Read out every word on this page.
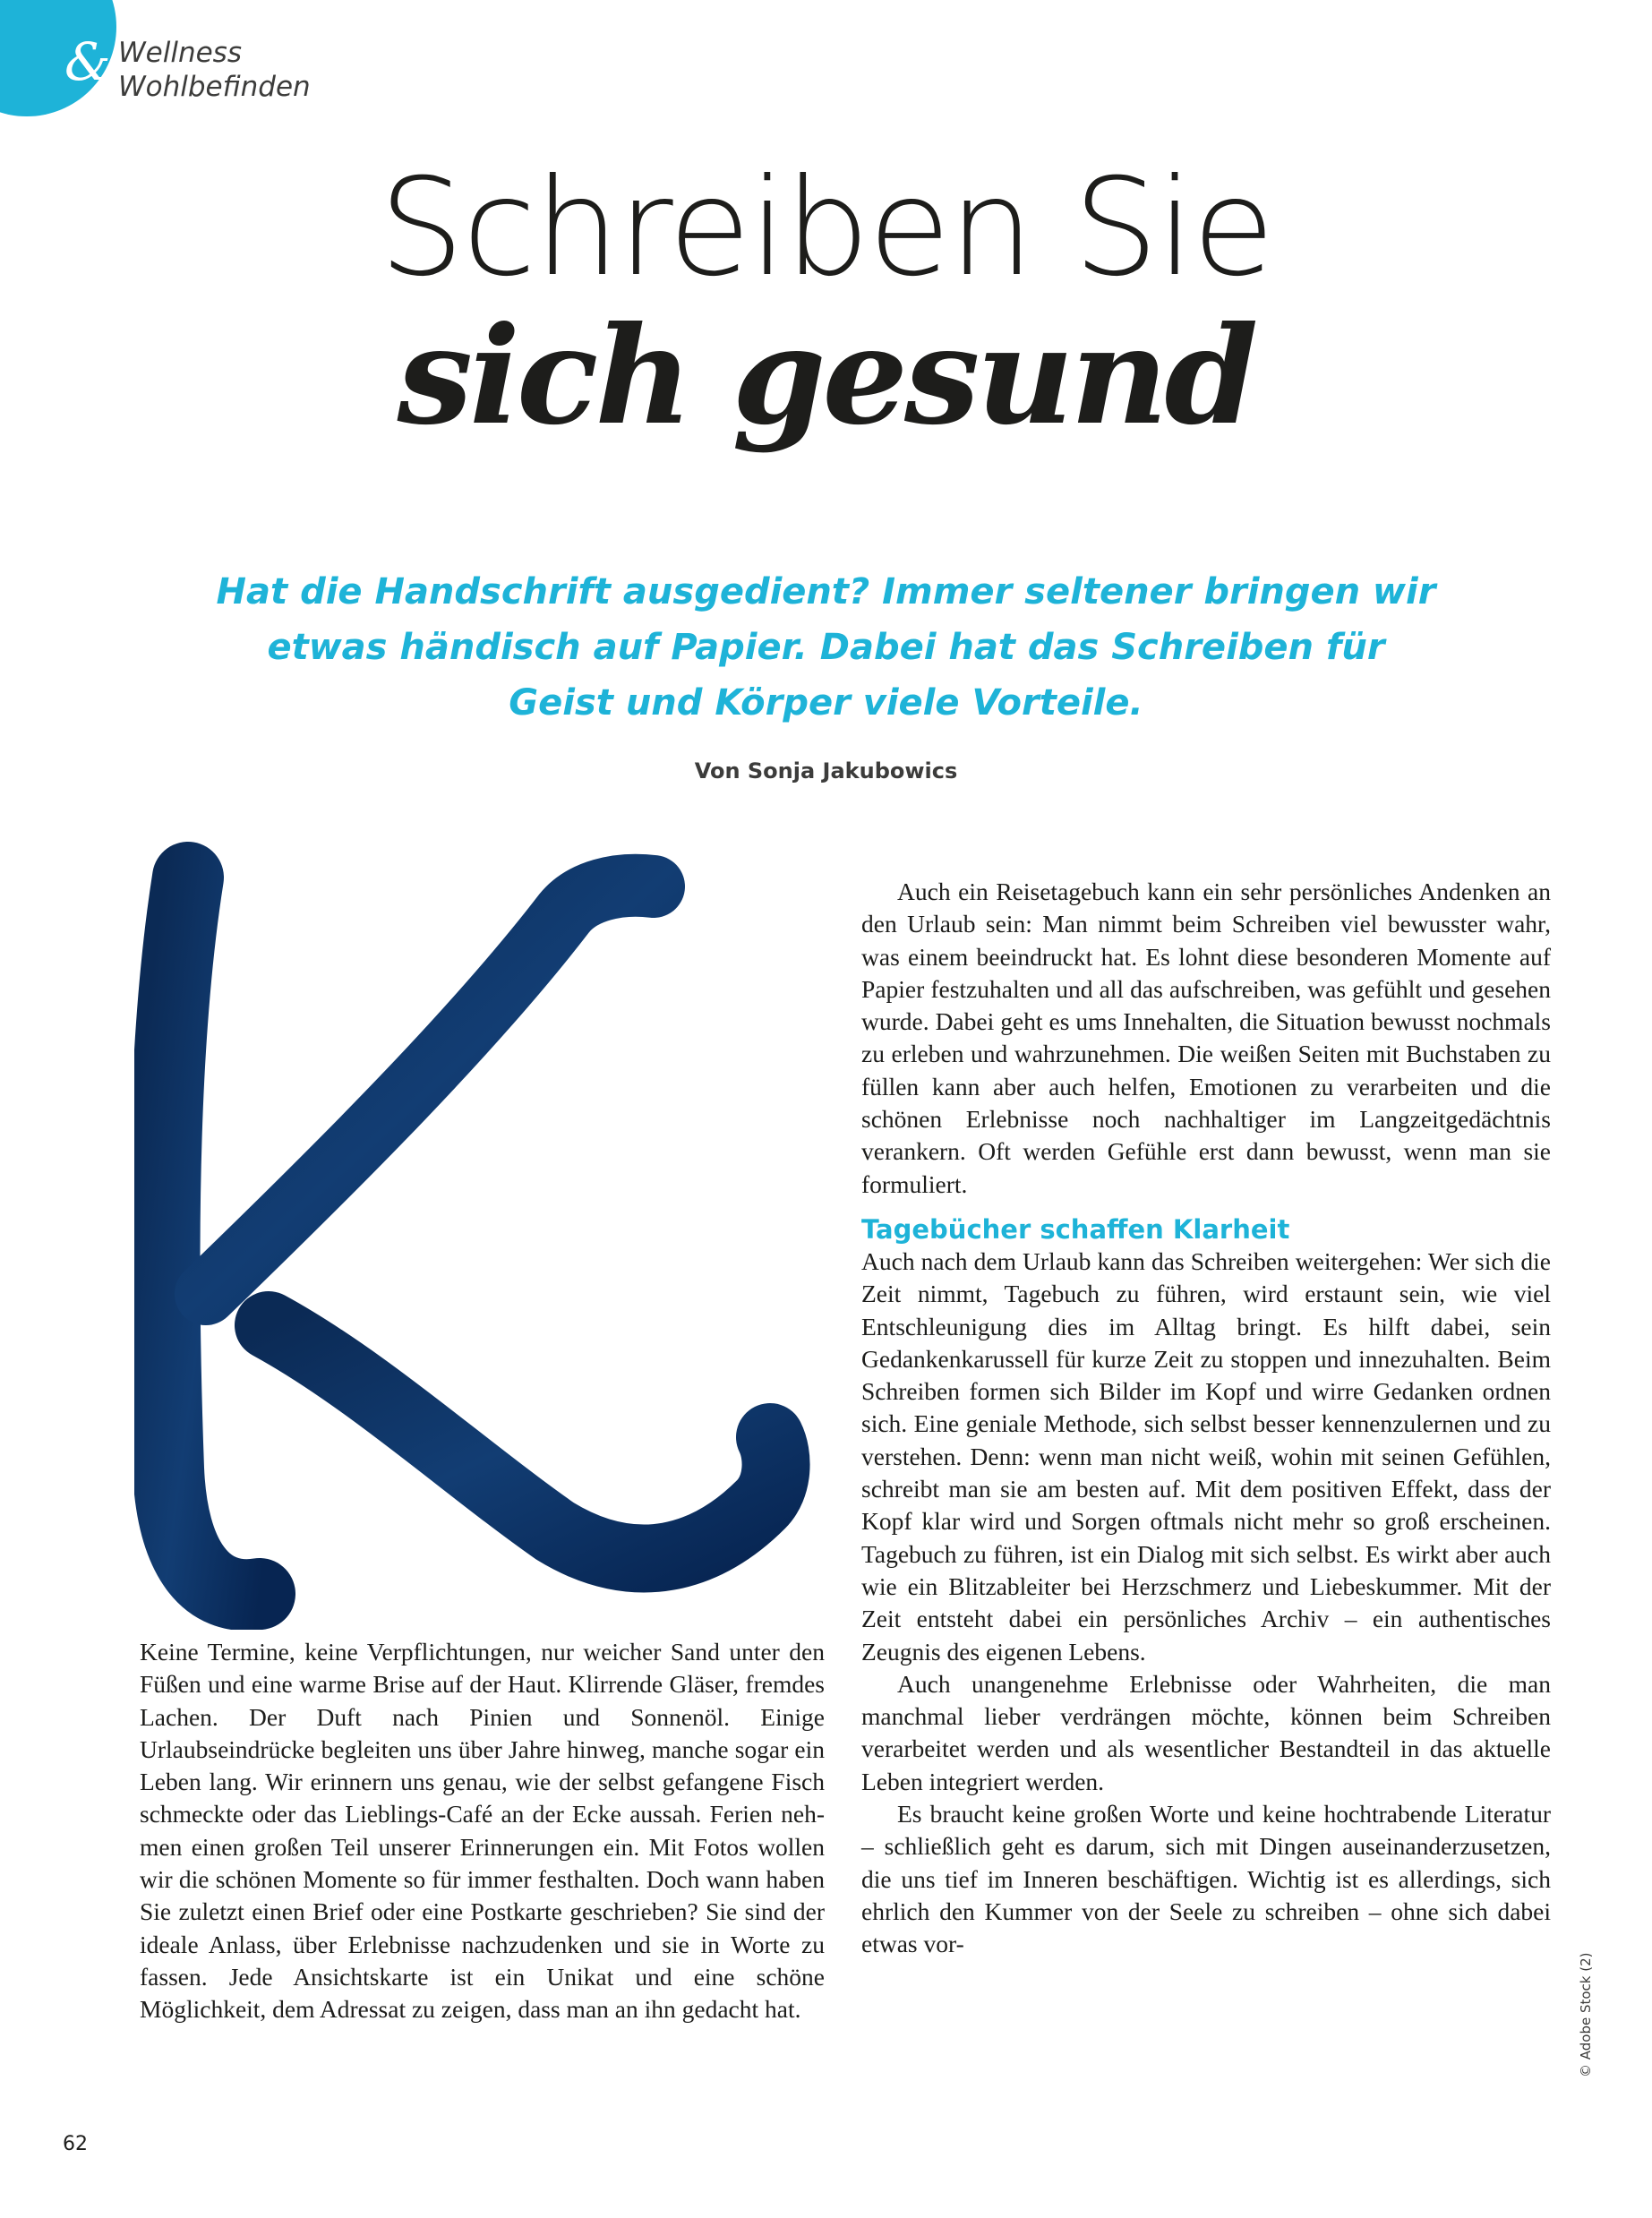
& Wellness
Wohlbefinden
Schreiben Sie
sich gesund
Hat die Handschrift ausgedient? Immer seltener bringen wir
etwas händisch auf Papier. Dabei hat das Schreiben für
Geist und Körper viele Vorteile.
Von Sonja Jakubowics

Keine Termine, keine Verpflichtungen, nur weicher Sand unter den Füßen und eine warme Brise auf der Haut. Klirrende Gläser, fremdes Lachen. Der Duft nach Pinien und Sonnenöl. Einige Urlaubseindrücke begleiten uns über Jahre hinweg, manche sogar ein Leben lang. Wir erinnern uns genau, wie der selbst gefangene Fisch schmeckte oder das Lieblings-Café an der Ecke aussah. Ferien nehmen einen großen Teil unserer Erinnerungen ein. Mit Fotos wollen wir die schönen Momente so für immer festhalten. Doch wann haben Sie zuletzt einen Brief oder eine Postkarte geschrieben? Sie sind der ideale Anlass, über Erlebnisse nachzudenken und sie in Worte zu fassen. Jede Ansichtskarte ist ein Unikat und eine schöne Möglichkeit, dem Adressat zu zeigen, dass man an ihn gedacht hat.

Auch ein Reisetagebuch kann ein sehr persönliches Andenken an den Urlaub sein: Man nimmt beim Schreiben viel bewusster wahr, was einem beeindruckt hat. Es lohnt diese besonderen Momente auf Papier festzuhalten und all das aufschreiben, was gefühlt und gesehen wurde. Dabei geht es ums Innehalten, die Situation bewusst nochmals zu erleben und wahrzunehmen. Die weißen Seiten mit Buchstaben zu füllen kann aber auch helfen, Emotionen zu verarbeiten und die schönen Erlebnisse noch nachhaltiger im Langzeitgedächtnis verankern. Oft werden Gefühle erst dann bewusst, wenn man sie formuliert.

Tagebücher schaffen Klarheit

Auch nach dem Urlaub kann das Schreiben weitergehen: Wer sich die Zeit nimmt, Tagebuch zu führen, wird erstaunt sein, wie viel Entschleunigung dies im Alltag bringt. Es hilft dabei, sein Gedankenkarussell für kurze Zeit zu stoppen und innezuhalten. Beim Schreiben formen sich Bilder im Kopf und wirre Gedanken ordnen sich. Eine geniale Methode, sich selbst besser kennenzulernen und zu verstehen. Denn: wenn man nicht weiß, wohin mit seinen Gefühlen, schreibt man sie am besten auf. Mit dem positiven Effekt, dass der Kopf klar wird und Sorgen oftmals nicht mehr so groß erscheinen. Tagebuch zu führen, ist ein Dialog mit sich selbst. Es wirkt aber auch wie ein Blitzableiter bei Herzschmerz und Liebeskummer. Mit der Zeit entsteht dabei ein persönliches Archiv – ein authentisches Zeugnis des eigenen Lebens.

Auch unangenehme Erlebnisse oder Wahrheiten, die man manchmal lieber verdrängen möchte, können beim Schreiben verarbeitet werden und als wesentlicher Bestandteil in das aktuelle Leben integriert werden.

Es braucht keine großen Worte und keine hochtrabende Literatur – schließlich geht es darum, sich mit Dingen auseinanderzusetzen, die uns tief im Inneren beschäftigen. Wichtig ist es allerdings, sich ehrlich den Kummer von der Seele zu schreiben – ohne sich dabei etwas vor-

62
© Adobe Stock (2)
